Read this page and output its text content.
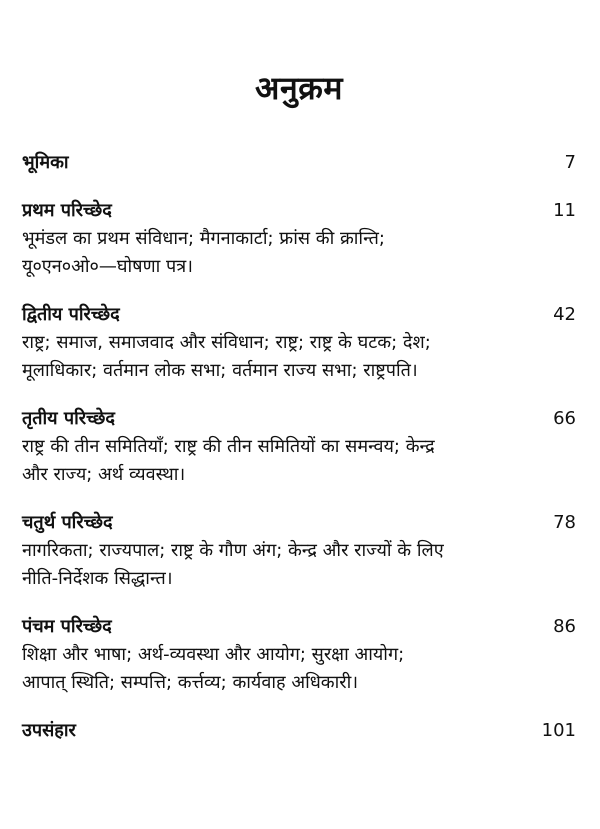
अनुक्रम
भूमिका	7
प्रथम परिच्छेद	11
भूमंडल का प्रथम संविधान; मैगनाकार्टा; फ्रांस की क्रान्ति;
यू०एन०ओ०—घोषणा पत्र।
द्वितीय परिच्छेद	42
राष्ट्र; समाज, समाजवाद और संविधान; राष्ट्र; राष्ट्र के घटक; देश;
मूलाधिकार; वर्तमान लोक सभा; वर्तमान राज्य सभा; राष्ट्रपति।
तृतीय परिच्छेद	66
राष्ट्र की तीन समितियाँ; राष्ट्र की तीन समितियों का समन्वय; केन्द्र
और राज्य; अर्थ व्यवस्था।
चतुर्थ परिच्छेद	78
नागरिकता; राज्यपाल; राष्ट्र के गौण अंग; केन्द्र और राज्यों के लिए
नीति-निर्देशक सिद्धान्त।
पंचम परिच्छेद	86
शिक्षा और भाषा; अर्थ-व्यवस्था और आयोग; सुरक्षा आयोग;
आपात् स्थिति; सम्पत्ति; कर्त्तव्य; कार्यवाह अधिकारी।
उपसंहार	101
